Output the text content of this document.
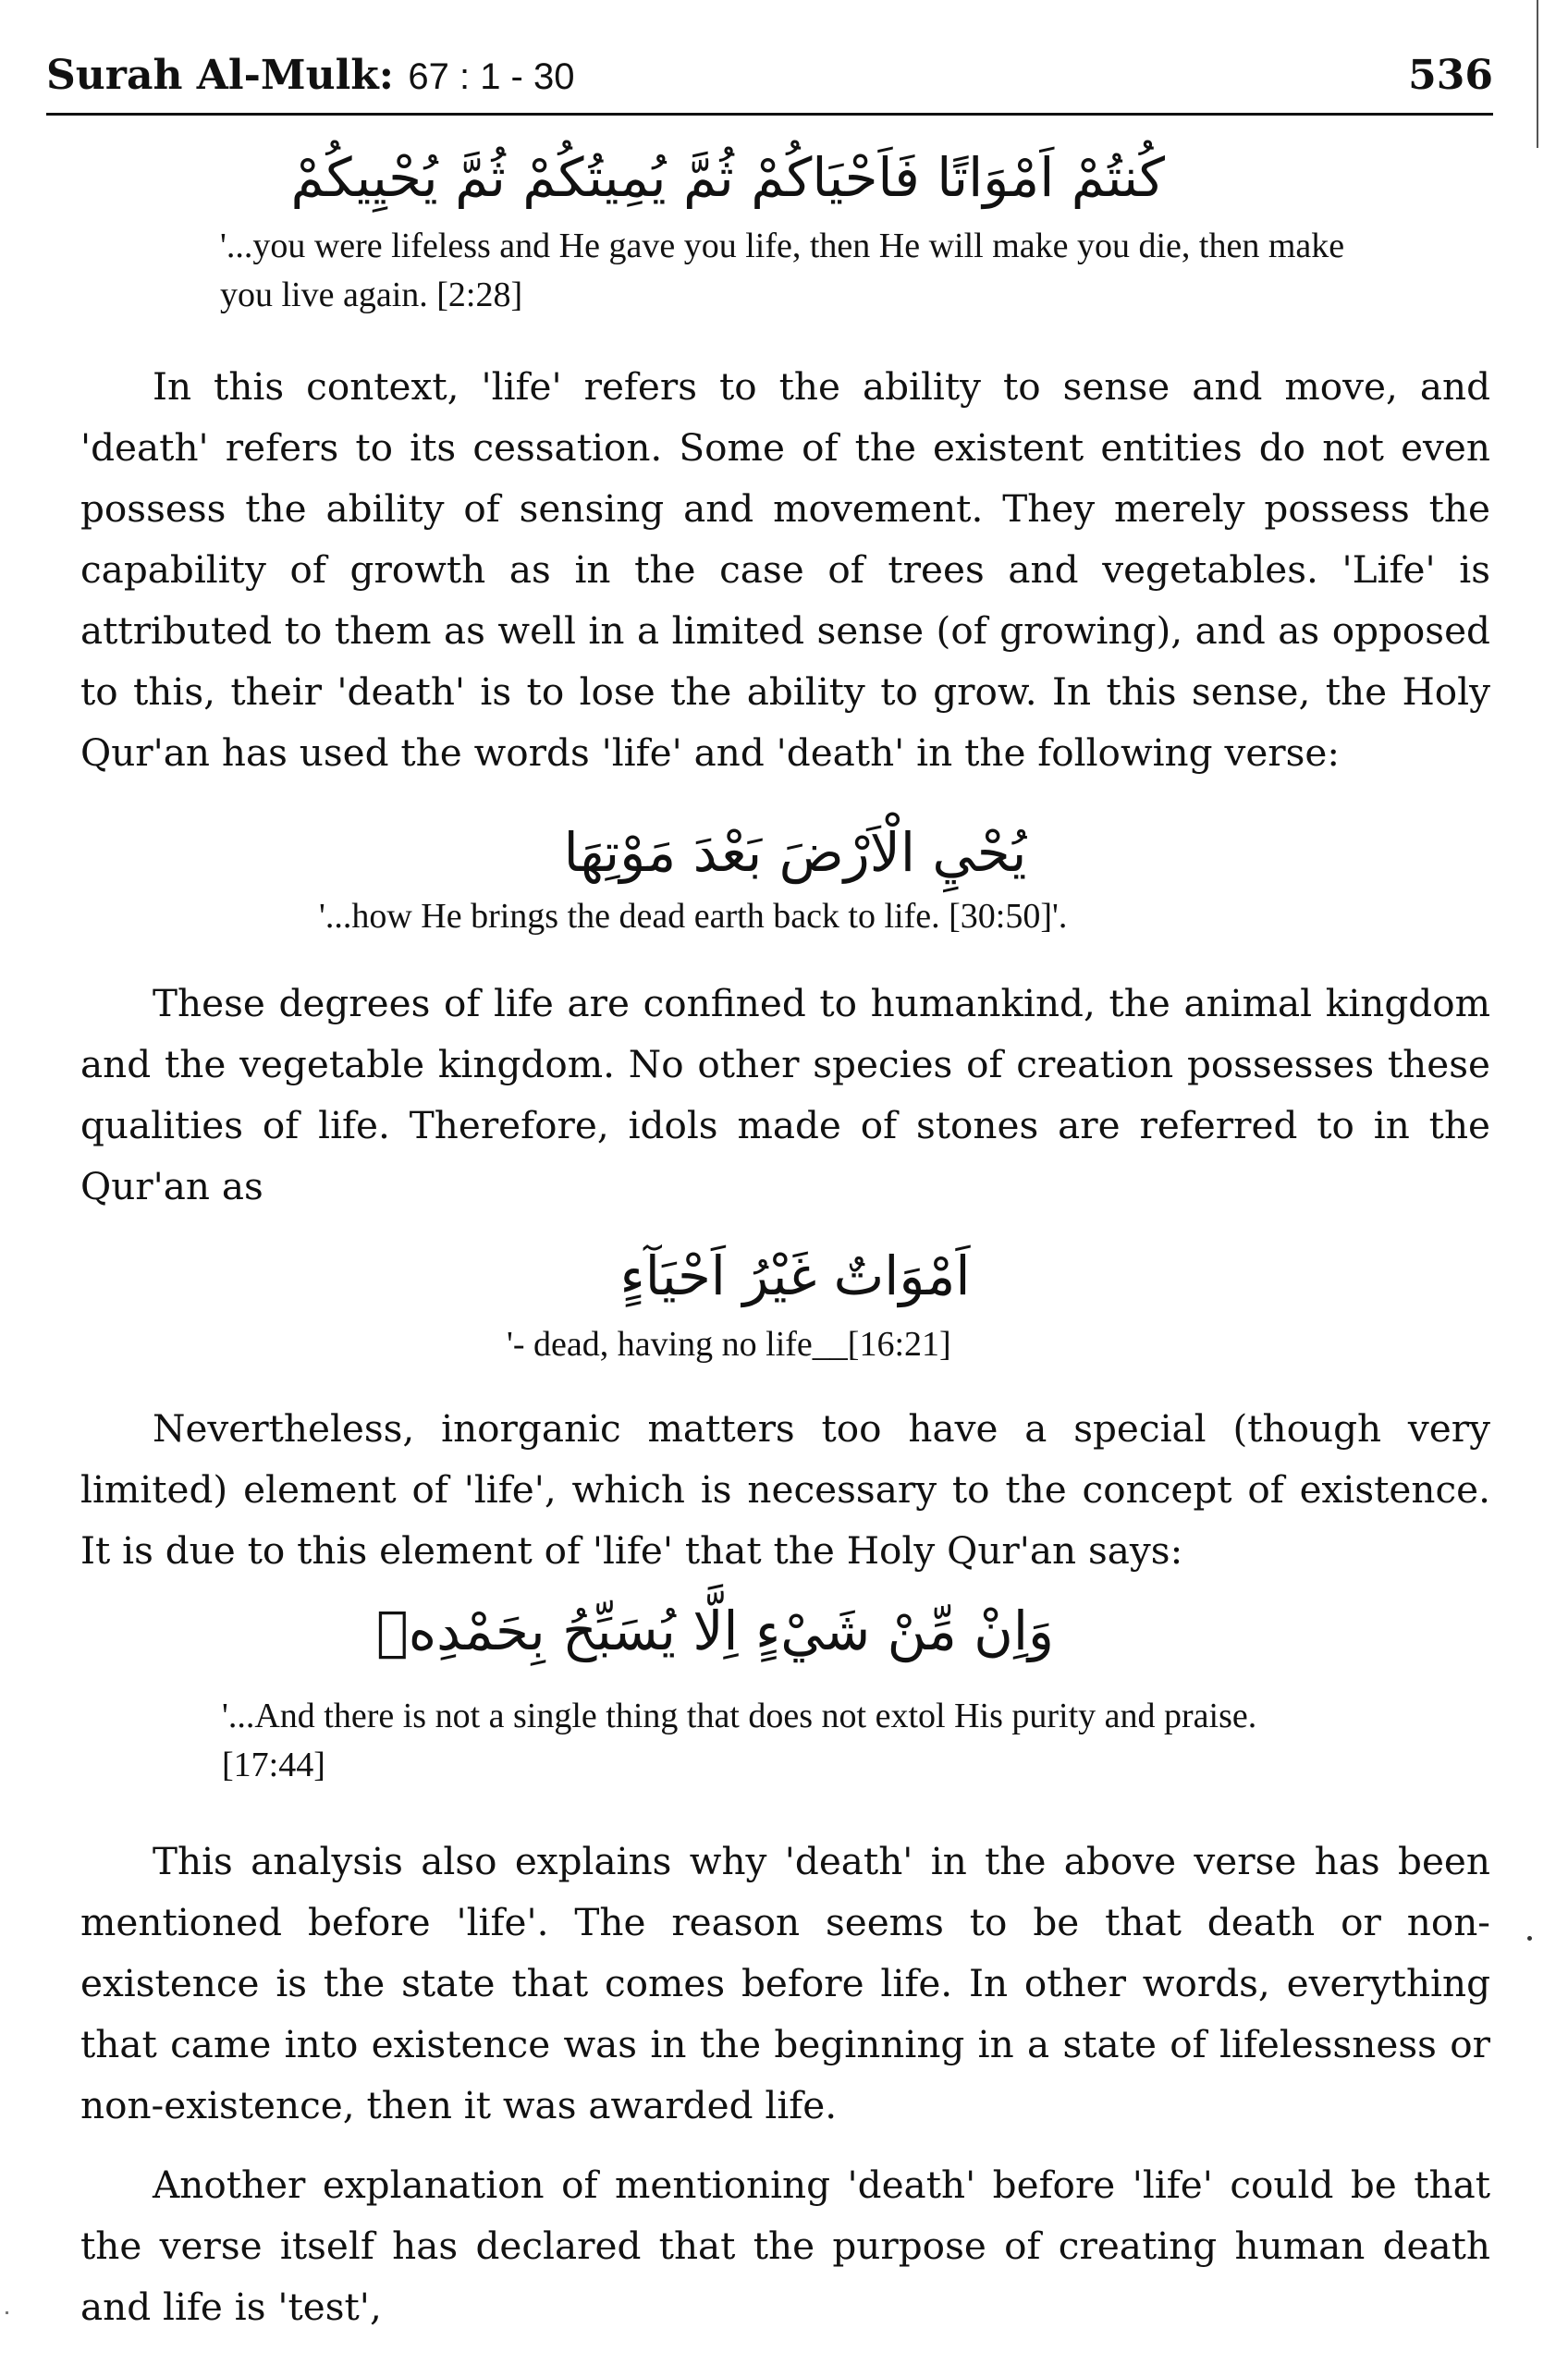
Surah Al-Mulk: 67 : 1 - 30	536
كُنتُمْ اَمْوَاتًا فَاَحْيَاكُمْ ثُمَّ يُمِيتُكُمْ ثُمَّ يُحْيِيكُمْ
'...you were lifeless and He gave you life, then He will make you die, then make you live again. [2:28]
In this context, 'life' refers to the ability to sense and move, and 'death' refers to its cessation. Some of the existent entities do not even possess the ability of sensing and movement. They merely possess the capability of growth as in the case of trees and vegetables. 'Life' is attributed to them as well in a limited sense (of growing), and as opposed to this, their 'death' is to lose the ability to grow. In this sense, the Holy Qur'an has used the words 'life' and 'death' in the following verse:
يُحْيِ الْاَرْضَ بَعْدَ مَوْتِهَا
'...how He brings the dead earth back to life. [30:50]'.
These degrees of life are confined to humankind, the animal kingdom and the vegetable kingdom. No other species of creation possesses these qualities of life. Therefore, idols made of stones are referred to in the Qur'an as
اَمْوَاتٌ غَيْرُ اَحْيَآءٍ
'- dead, having no life__[16:21]
Nevertheless, inorganic matters too have a special (though very limited) element of 'life', which is necessary to the concept of existence. It is due to this element of 'life' that the Holy Qur'an says:
وَاِنْ مِّنْ شَيْءٍ اِلَّا يُسَبِّحُ بِحَمْدِهٖ
'...And there is not a single thing that does not extol His purity and praise. [17:44]
This analysis also explains why 'death' in the above verse has been mentioned before 'life'. The reason seems to be that death or non-existence is the state that comes before life. In other words, everything that came into existence was in the beginning in a state of lifelessness or non-existence, then it was awarded life.
Another explanation of mentioning 'death' before 'life' could be that the verse itself has declared that the purpose of creating human death and life is 'test',
